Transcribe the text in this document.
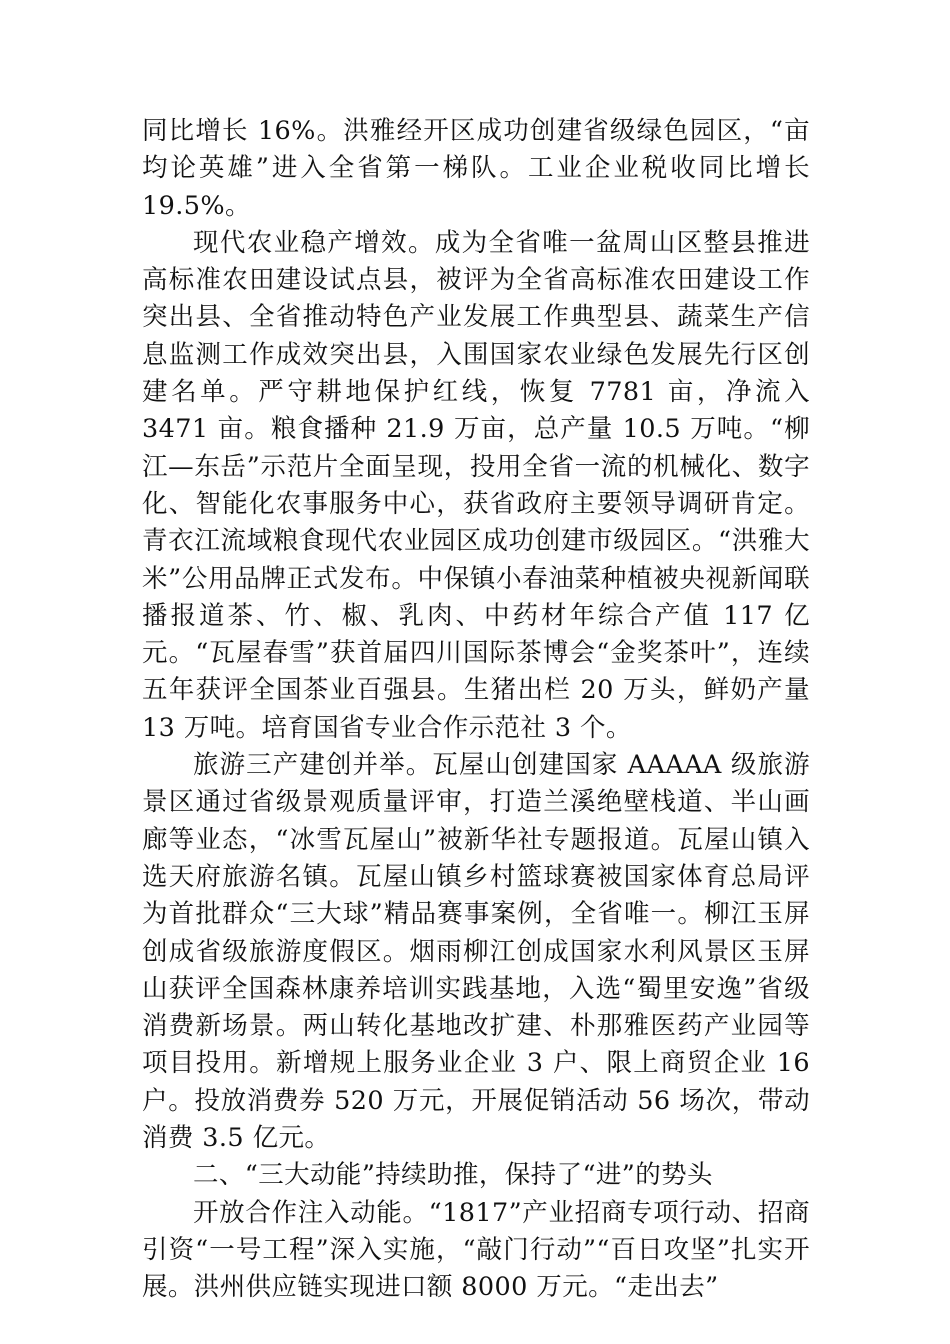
同比增长 16%。洪雅经开区成功创建省级绿色园区，“亩均论英雄”进入全省第一梯队。工业企业税收同比增长 19.5%。

现代农业稳产增效。成为全省唯一盆周山区整县推进高标准农田建设试点县，被评为全省高标准农田建设工作突出县、全省推动特色产业发展工作典型县、蔬菜生产信息监测工作成效突出县，入围国家农业绿色发展先行区创建名单。严守耕地保护红线，恢复 7781 亩，净流入 3471 亩。粮食播种 21.9 万亩，总产量 10.5 万吨。“柳江—东岳”示范片全面呈现，投用全省一流的机械化、数字化、智能化农事服务中心，获省政府主要领导调研肯定。青衣江流域粮食现代农业园区成功创建市级园区。“洪雅大米”公用品牌正式发布。中保镇小春油菜种植被央视新闻联播报道茶、竹、椒、乳肉、中药材年综合产值 117 亿元。“瓦屋春雪”获首届四川国际茶博会“金奖茶叶”，连续五年获评全国茶业百强县。生猪出栏 20 万头，鲜奶产量 13 万吨。培育国省专业合作示范社 3 个。

旅游三产建创并举。瓦屋山创建国家 AAAAA 级旅游景区通过省级景观质量评审，打造兰溪绝壁栈道、半山画廊等业态，“冰雪瓦屋山”被新华社专题报道。瓦屋山镇入选天府旅游名镇。瓦屋山镇乡村篮球赛被国家体育总局评为首批群众“三大球”精品赛事案例，全省唯一。柳江玉屏创成省级旅游度假区。烟雨柳江创成国家水利风景区玉屏山获评全国森林康养培训实践基地，入选“蜀里安逸”省级消费新场景。两山转化基地改扩建、朴那雅医药产业园等项目投用。新增规上服务业企业 3 户、限上商贸企业 16 户。投放消费券 520 万元，开展促销活动 56 场次，带动消费 3.5 亿元。

二、“三大动能”持续助推，保持了“进”的势头

开放合作注入动能。“1817”产业招商专项行动、招商引资“一号工程”深入实施，“敲门行动”“百日攻坚”扎实开展。洪州供应链实现进口额 8000 万元。“走出去”
